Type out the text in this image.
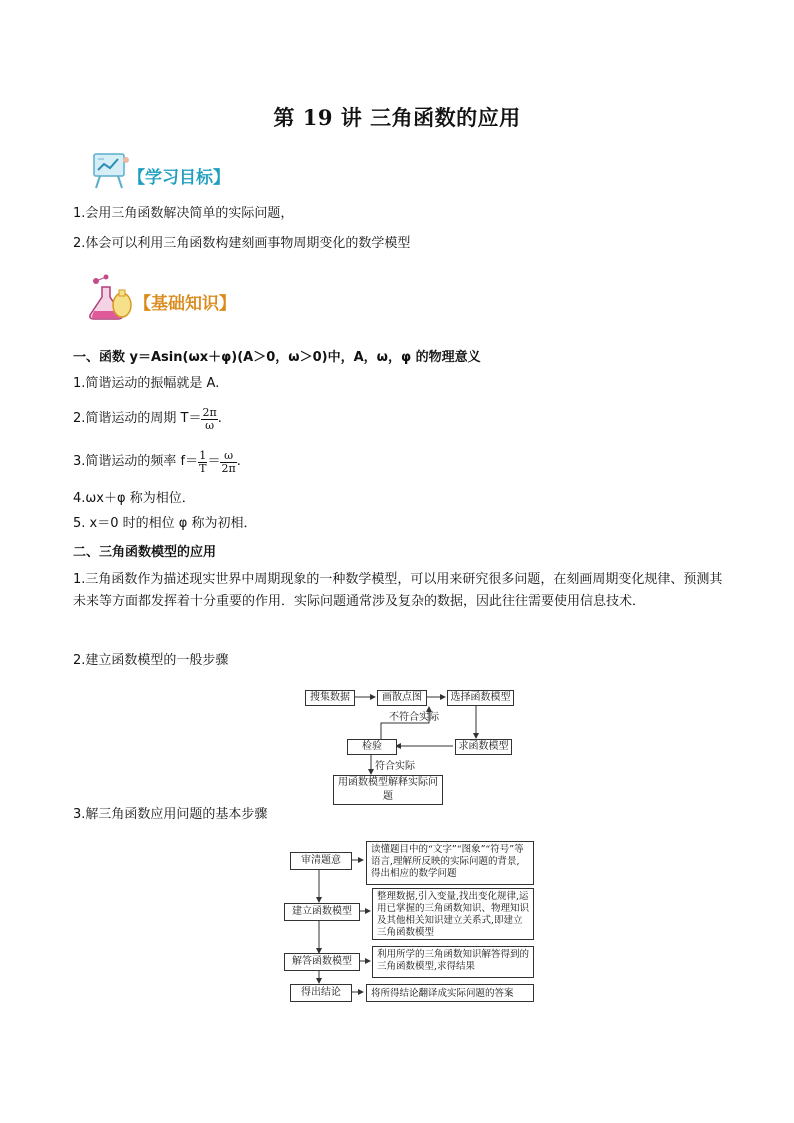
第 19 讲 三角函数的应用
【学习目标】
1.会用三角函数解决简单的实际问题，
2.体会可以利用三角函数构建刻画事物周期变化的数学模型
【基础知识】
一、函数 y＝Asin(ωx＋φ)(A＞0，ω＞0)中，A，ω，φ 的物理意义
1.简谐运动的振幅就是 A.
2.简谐运动的周期 $T= \frac{2\pi}{\omega}$ .
3.简谐运动的频率 $f= \frac{1}{T} = \frac{\omega}{2\pi}$ .
4.ωx＋φ 称为相位．
5. x＝0 时的相位 φ 称为初相．
二、三角函数模型的应用
1.三角函数作为描述现实世界中周期现象的一种数学模型，可以用来研究很多问题，在刻画周期变化规律、预测其未来等方面都发挥着十分重要的作用．实际问题通常涉及复杂的数据，因此往往需要使用信息技术．
2.建立函数模型的一般步骤
搜集数据	画散点图	选择函数模型
不符合实际
求函数模型
检验
符合实际
用函数模型解释实际问题
3.解三角函数应用问题的基本步骤
审清题意
读懂题目中的“文字”“图象”“符号”等语言,理解所反映的实际问题的背景,得出相应的数学问题
建立函数模型
整理数据,引入变量,找出变化规律,运用已掌握的三角函数知识、物理知识及其他相关知识建立关系式,即建立三角函数模型
解答函数模型
利用所学的三角函数知识解答得到的三角函数模型,求得结果
得出结论	将所得结论翻译成实际问题的答案
